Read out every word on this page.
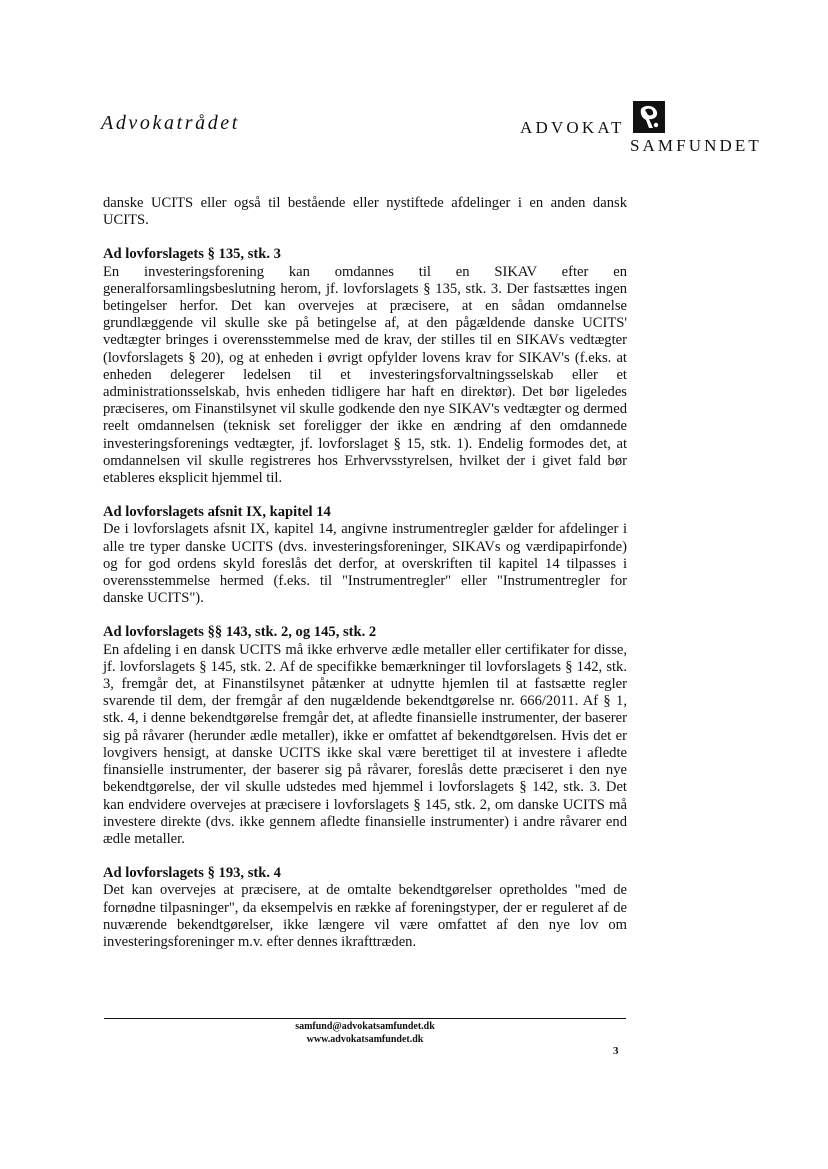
Advokatrådet	ADVOKAT
SAMFUNDET

danske UCITS eller også til bestående eller nystiftede afdelinger i en anden dansk UCITS.

Ad lovforslagets § 135, stk. 3

En investeringsforening kan omdannes til en SIKAV efter en generalforsamlingsbeslutning herom, jf. lovforslagets § 135, stk. 3. Der fastsættes ingen betingelser herfor. Det kan overvejes at præcisere, at en sådan omdannelse grundlæggende vil skulle ske på betingelse af, at den pågældende danske UCITS' vedtægter bringes i overensstemmelse med de krav, der stilles til en SIKAVs vedtægter (lovforslagets § 20), og at enheden i øvrigt opfylder lovens krav for SIKAV's (f.eks. at enheden delegerer ledelsen til et investeringsforvaltningsselskab eller et administrationsselskab, hvis enheden tidligere har haft en direktør). Det bør ligeledes præciseres, om Finanstilsynet vil skulle godkende den nye SIKAV's vedtægter og dermed reelt omdannelsen (teknisk set foreligger der ikke en ændring af den omdannede investeringsforenings vedtægter, jf. lovforslaget § 15, stk. 1). Endelig formodes det, at omdannelsen vil skulle registreres hos Erhvervsstyrelsen, hvilket der i givet fald bør etableres eksplicit hjemmel til.

Ad lovforslagets afsnit IX, kapitel 14

De i lovforslagets afsnit IX, kapitel 14, angivne instrumentregler gælder for afdelinger i alle tre typer danske UCITS (dvs. investeringsforeninger, SIKAVs og værdipapirfonde) og for god ordens skyld foreslås det derfor, at overskriften til kapitel 14 tilpasses i overensstemmelse hermed (f.eks. til "Instrumentregler" eller "Instrumentregler for danske UCITS").

Ad lovforslagets §§ 143, stk. 2, og 145, stk. 2

En afdeling i en dansk UCITS må ikke erhverve ædle metaller eller certifikater for disse, jf. lovforslagets § 145, stk. 2. Af de specifikke bemærkninger til lovforslagets § 142, stk. 3, fremgår det, at Finanstilsynet påtænker at udnytte hjemlen til at fastsætte regler svarende til dem, der fremgår af den nugældende bekendtgørelse nr. 666/2011. Af § 1, stk. 4, i denne bekendtgørelse fremgår det, at afledte finansielle instrumenter, der baserer sig på råvarer (herunder ædle metaller), ikke er omfattet af bekendtgørelsen. Hvis det er lovgivers hensigt, at danske UCITS ikke skal være berettiget til at investere i afledte finansielle instrumenter, der baserer sig på råvarer, foreslås dette præciseret i den nye bekendtgørelse, der vil skulle udstedes med hjemmel i lovforslagets § 142, stk. 3. Det kan endvidere overvejes at præcisere i lovforslagets § 145, stk. 2, om danske UCITS må investere direkte (dvs. ikke gennem afledte finansielle instrumenter) i andre råvarer end ædle metaller.

Ad lovforslagets § 193, stk. 4

Det kan overvejes at præcisere, at de omtalte bekendtgørelser opretholdes "med de fornødne tilpasninger", da eksempelvis en række af foreningstyper, der er reguleret af de nuværende bekendtgørelser, ikke længere vil være omfattet af den nye lov om investeringsforeninger m.v. efter dennes ikrafttræden.

samfund@advokatsamfundet.dk
www.advokatsamfundet.dk
3
